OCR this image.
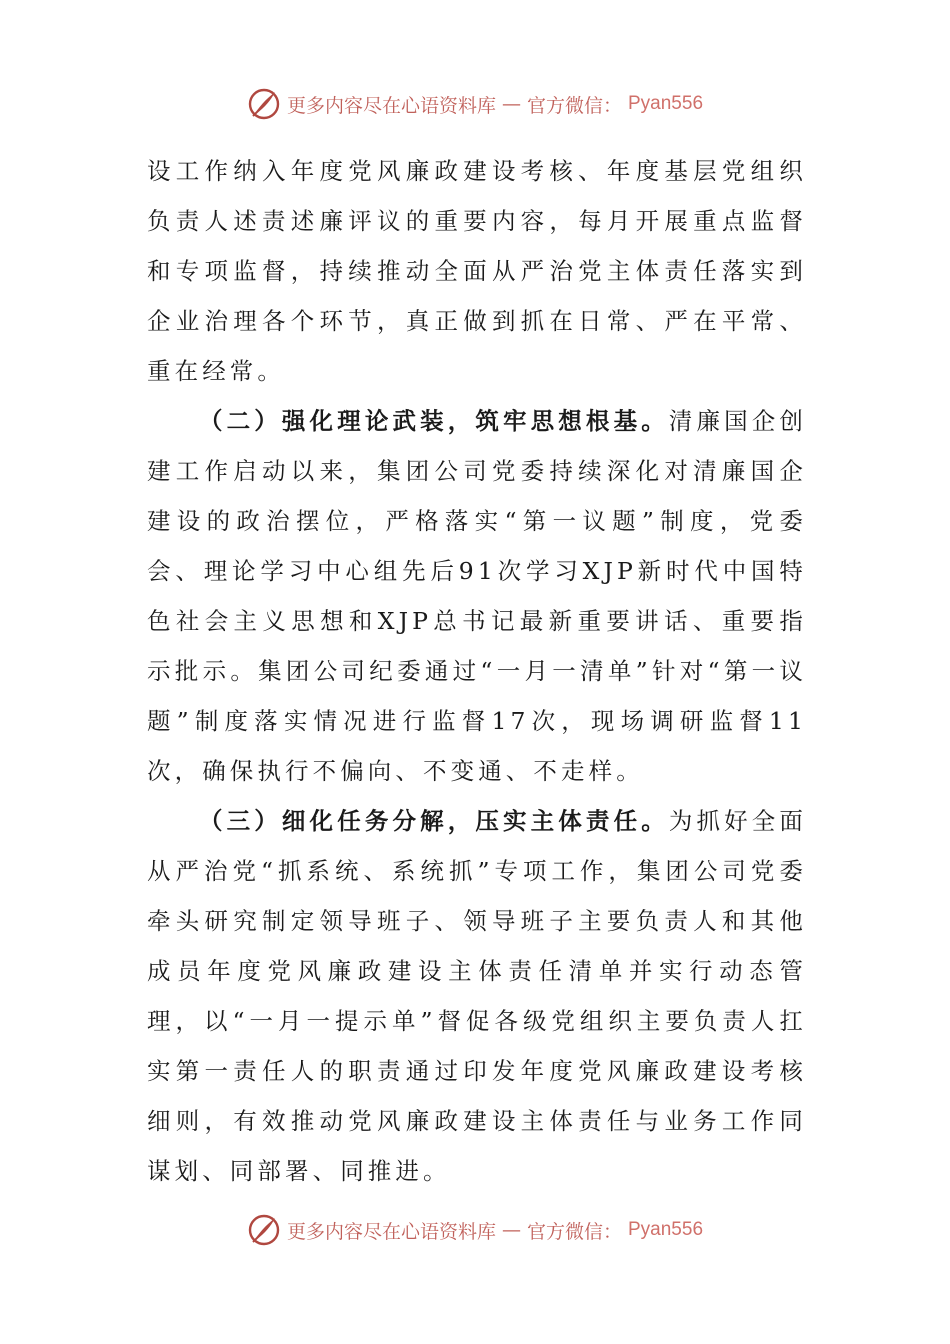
更多内容尽在心语资料库 — 官方微信： Pyan556

设工作纳入年度党风廉政建设考核、年度基层党组织负责人述责述廉评议的重要内容，每月开展重点监督和专项监督，持续推动全面从严治党主体责任落实到企业治理各个环节，真正做到抓在日常、严在平常、重在经常。

（二）强化理论武装，筑牢思想根基。清廉国企创建工作启动以来，集团公司党委持续深化对清廉国企建设的政治摆位，严格落实“第一议题”制度，党委会、理论学习中心组先后91次学习XJP新时代中国特色社会主义思想和XJP总书记最新重要讲话、重要指示批示。集团公司纪委通过“一月一清单”针对“第一议题”制度落实情况进行监督17次，现场调研监督11次，确保执行不偏向、不变通、不走样。

（三）细化任务分解，压实主体责任。为抓好全面从严治党“抓系统、系统抓”专项工作，集团公司党委牵头研究制定领导班子、领导班子主要负责人和其他成员年度党风廉政建设主体责任清单并实行动态管理，以“一月一提示单”督促各级党组织主要负责人扛实第一责任人的职责通过印发年度党风廉政建设考核细则，有效推动党风廉政建设主体责任与业务工作同谋划、同部署、同推进。

更多内容尽在心语资料库 — 官方微信： Pyan556
